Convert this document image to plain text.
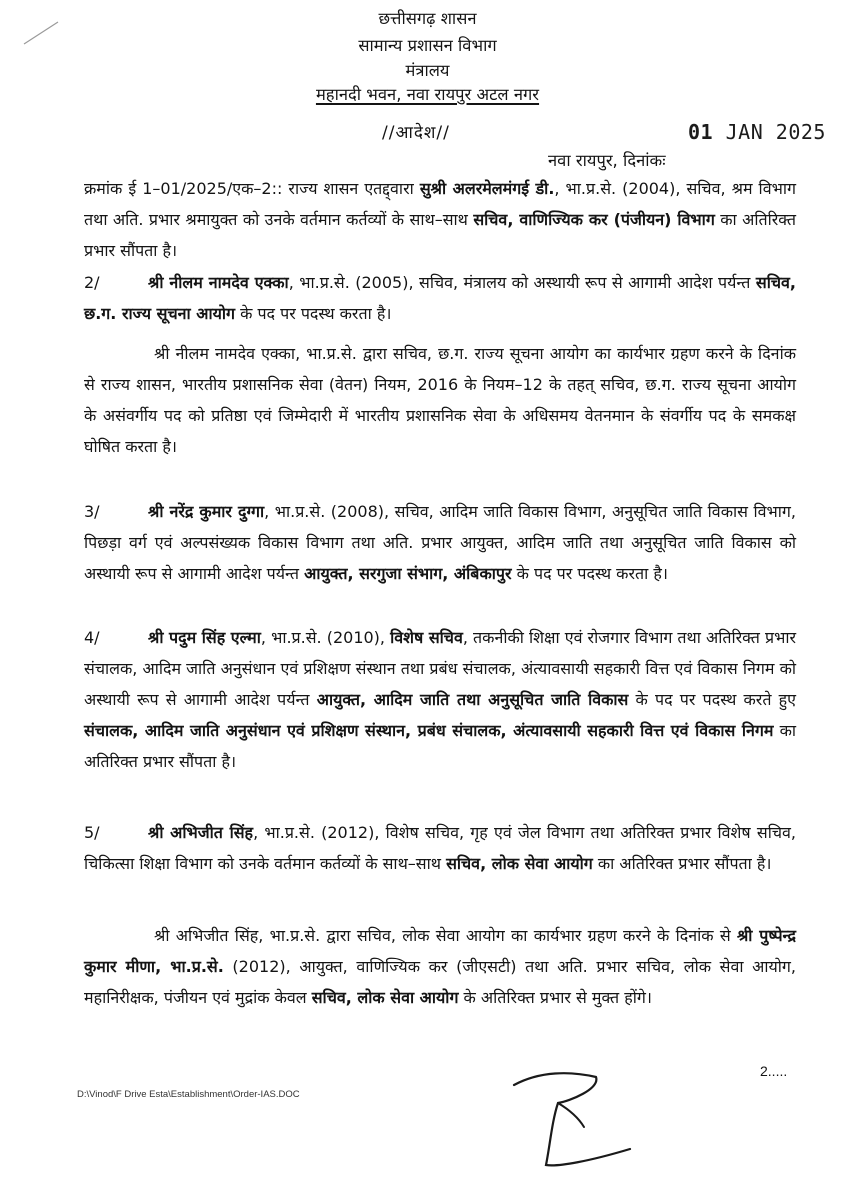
छत्तीसगढ़ शासन
सामान्य प्रशासन विभाग
मंत्रालय
महानदी भवन, नवा रायपुर अटल नगर
//आदेश//	01 JAN 2025
नवा रायपुर, दिनांकः
क्रमांक ई 1–01/2025/एक–2:: राज्य शासन एतद्द्वारा सुश्री अलरमेलमंगई डी., भा.प्र.से. (2004), सचिव, श्रम विभाग तथा अति. प्रभार श्रमायुक्त को उनके वर्तमान कर्तव्यों के साथ–साथ सचिव, वाणिज्यिक कर (पंजीयन) विभाग का अतिरिक्त प्रभार सौंपता है।
2/	श्री नीलम नामदेव एक्का, भा.प्र.से. (2005), सचिव, मंत्रालय को अस्थायी रूप से आगामी आदेश पर्यन्त सचिव, छ.ग. राज्य सूचना आयोग के पद पर पदस्थ करता है।
श्री नीलम नामदेव एक्का, भा.प्र.से. द्वारा सचिव, छ.ग. राज्य सूचना आयोग का कार्यभार ग्रहण करने के दिनांक से राज्य शासन, भारतीय प्रशासनिक सेवा (वेतन) नियम, 2016 के नियम–12 के तहत् सचिव, छ.ग. राज्य सूचना आयोग के असंवर्गीय पद को प्रतिष्ठा एवं जिम्मेदारी में भारतीय प्रशासनिक सेवा के अधिसमय वेतनमान के संवर्गीय पद के समकक्ष घोषित करता है।
3/	श्री नरेंद्र कुमार दुग्गा, भा.प्र.से. (2008), सचिव, आदिम जाति विकास विभाग, अनुसूचित जाति विकास विभाग, पिछड़ा वर्ग एवं अल्पसंख्यक विकास विभाग तथा अति. प्रभार आयुक्त, आदिम जाति तथा अनुसूचित जाति विकास को अस्थायी रूप से आगामी आदेश पर्यन्त आयुक्त, सरगुजा संभाग, अंबिकापुर के पद पर पदस्थ करता है।
4/	श्री पदुम सिंह एल्मा, भा.प्र.से. (2010), विशेष सचिव, तकनीकी शिक्षा एवं रोजगार विभाग तथा अतिरिक्त प्रभार संचालक, आदिम जाति अनुसंधान एवं प्रशिक्षण संस्थान तथा प्रबंध संचालक, अंत्यावसायी सहकारी वित्त एवं विकास निगम को अस्थायी रूप से आगामी आदेश पर्यन्त आयुक्त, आदिम जाति तथा अनुसूचित जाति विकास के पद पर पदस्थ करते हुए संचालक, आदिम जाति अनुसंधान एवं प्रशिक्षण संस्थान, प्रबंध संचालक, अंत्यावसायी सहकारी वित्त एवं विकास निगम का अतिरिक्त प्रभार सौंपता है।
5/	श्री अभिजीत सिंह, भा.प्र.से. (2012), विशेष सचिव, गृह एवं जेल विभाग तथा अतिरिक्त प्रभार विशेष सचिव, चिकित्सा शिक्षा विभाग को उनके वर्तमान कर्तव्यों के साथ–साथ सचिव, लोक सेवा आयोग का अतिरिक्त प्रभार सौंपता है।
श्री अभिजीत सिंह, भा.प्र.से. द्वारा सचिव, लोक सेवा आयोग का कार्यभार ग्रहण करने के दिनांक से श्री पुष्पेन्द्र कुमार मीणा, भा.प्र.से. (2012), आयुक्त, वाणिज्यिक कर (जीएसटी) तथा अति. प्रभार सचिव, लोक सेवा आयोग, महानिरीक्षक, पंजीयन एवं मुद्रांक केवल सचिव, लोक सेवा आयोग के अतिरिक्त प्रभार से मुक्त होंगे।
2.....
D:\Vinod\F Drive Esta\Establishment\Order-IAS.DOC
